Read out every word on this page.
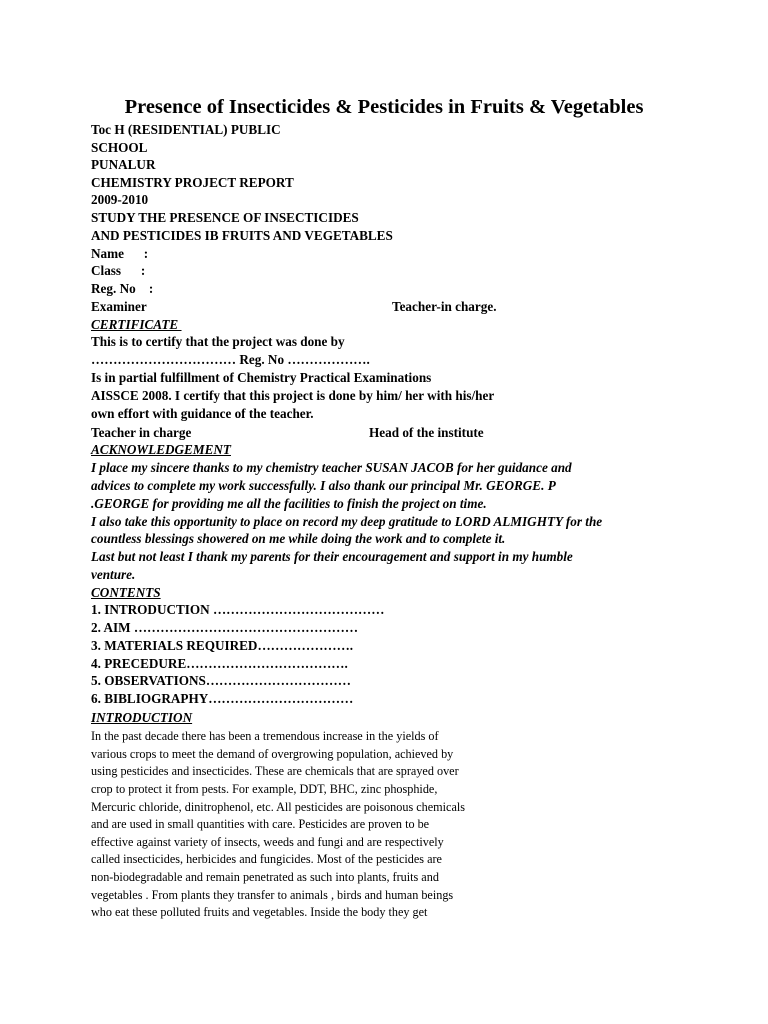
Presence of Insecticides & Pesticides in Fruits & Vegetables
Toc H (RESIDENTIAL) PUBLIC
SCHOOL
PUNALUR
CHEMISTRY PROJECT REPORT
2009-2010
STUDY THE PRESENCE OF INSECTICIDES
AND PESTICIDES IB FRUITS AND VEGETABLES
Name      :
Class      :
Reg. No    :
Examiner	Teacher-in charge.
CERTIFICATE
This is to certify that the project was done by
…………………………… Reg. No ……………….
Is in partial fulfillment of Chemistry Practical Examinations
AISSCE 2008. I certify that this project is done by him/ her with his/her
own effort with guidance of the teacher.
Teacher in charge	Head of the institute
ACKNOWLEDGEMENT
I place my sincere thanks to my chemistry teacher SUSAN JACOB for her guidance and
advices to complete my work successfully. I also thank our principal Mr. GEORGE. P
.GEORGE for providing me all the facilities to finish the project on time.
I also take this opportunity to place on record my deep gratitude to LORD ALMIGHTY for the
countless blessings showered on me while doing the work and to complete it.
Last but not least I thank my parents for their encouragement and support in my humble
venture.
CONTENTS
1. INTRODUCTION …………………………………
2. AIM ……………………………………………
3. MATERIALS REQUIRED………………….
4. PRECEDURE……………………………….
5. OBSERVATIONS……………………………
6. BIBLIOGRAPHY……………………………
INTRODUCTION
In the past decade there has been a tremendous increase in the yields of
various crops to meet the demand of overgrowing population, achieved by
using pesticides and insecticides. These are chemicals that are sprayed over
crop to protect it from pests. For example, DDT, BHC, zinc phosphide,
Mercuric chloride, dinitrophenol, etc. All pesticides are poisonous chemicals
and are used in small quantities with care. Pesticides are proven to be
effective against variety of insects, weeds and fungi and are respectively
called insecticides, herbicides and fungicides. Most of the pesticides are
non-biodegradable and remain penetrated as such into plants, fruits and
vegetables . From plants they transfer to animals , birds and human beings
who eat these polluted fruits and vegetables. Inside the body they get
